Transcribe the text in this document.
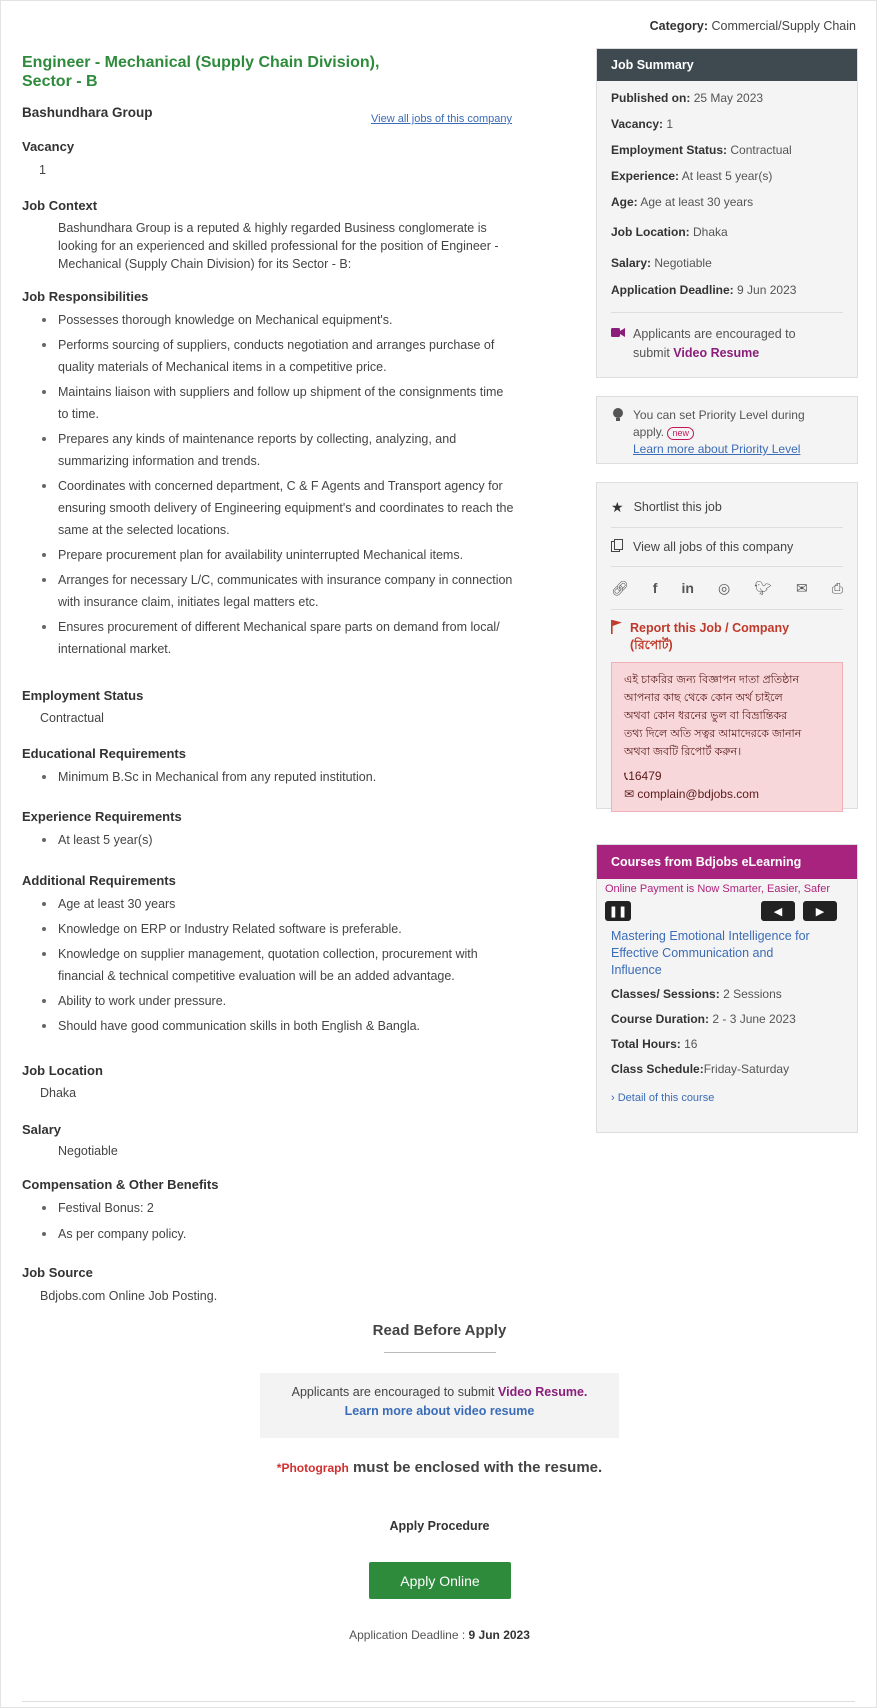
Category: Commercial/Supply Chain
Engineer - Mechanical (Supply Chain Division),
Sector - B
Bashundhara Group	View all jobs of this company
Vacancy
1
Job Context
Bashundhara Group is a reputed & highly regarded Business conglomerate is
looking for an experienced and skilled professional for the position of Engineer -
Mechanical (Supply Chain Division) for its Sector - B:
Job Responsibilities
Possesses thorough knowledge on Mechanical equipment's.
Performs sourcing of suppliers, conducts negotiation and arranges purchase of
quality materials of Mechanical items in a competitive price.
Maintains liaison with suppliers and follow up shipment of the consignments time
to time.
Prepares any kinds of maintenance reports by collecting, analyzing, and
summarizing information and trends.
Coordinates with concerned department, C & F Agents and Transport agency for
ensuring smooth delivery of Engineering equipment's and coordinates to reach the
same at the selected locations.
Prepare procurement plan for availability uninterrupted Mechanical items.
Arranges for necessary L/C, communicates with insurance company in connection
with insurance claim, initiates legal matters etc.
Ensures procurement of different Mechanical spare parts on demand from local/
international market.
Employment Status
Contractual
Educational Requirements
Minimum B.Sc in Mechanical from any reputed institution.
Experience Requirements
At least 5 year(s)
Additional Requirements
Age at least 30 years
Knowledge on ERP or Industry Related software is preferable.
Knowledge on supplier management, quotation collection, procurement with
financial & technical competitive evaluation will be an added advantage.
Ability to work under pressure.
Should have good communication skills in both English & Bangla.
Job Location
Dhaka
Salary
Negotiable
Compensation & Other Benefits
Festival Bonus: 2
As per company policy.
Job Source
Bdjobs.com Online Job Posting.
Job Summary
Published on: 25 May 2023
Vacancy: 1
Employment Status: Contractual
Experience: At least 5 year(s)
Age: Age at least 30 years
Job Location: Dhaka
Salary: Negotiable
Application Deadline: 9 Jun 2023
Applicants are encouraged to
submit Video Resume
You can set Priority Level during
apply. new
Learn more about Priority Level
★ Shortlist this job
View all jobs of this company
🔗︎ f in ◎ 🐦︎ ✉ ⎙
Report this Job / Company
(রিপোর্ট)
এই চাকরির জন্য বিজ্ঞাপন দাতা প্রতিষ্ঠান
আপনার কাছ থেকে কোন অর্থ চাইলে
অথবা কোন ধরনের ভুল বা বিভ্রান্তিকর
তথ্য দিলে অতি সত্বর আমাদেরকে জানান
অথবা জবটি রিপোর্ট করুন।
📞︎16479
✉ complain@bdjobs.com
Courses from Bdjobs eLearning
Online Payment is Now Smarter, Easier, Safer
❚❚	◀	▶
Mastering Emotional Intelligence for
Effective Communication and
Influence
Classes/ Sessions: 2 Sessions
Course Duration: 2 - 3 June 2023
Total Hours: 16
Class Schedule:Friday-Saturday
› Detail of this course
Read Before Apply
Applicants are encouraged to submit Video Resume.
Learn more about video resume
*Photograph must be enclosed with the resume.
Apply Procedure
Apply Online
Application Deadline : 9 Jun 2023
